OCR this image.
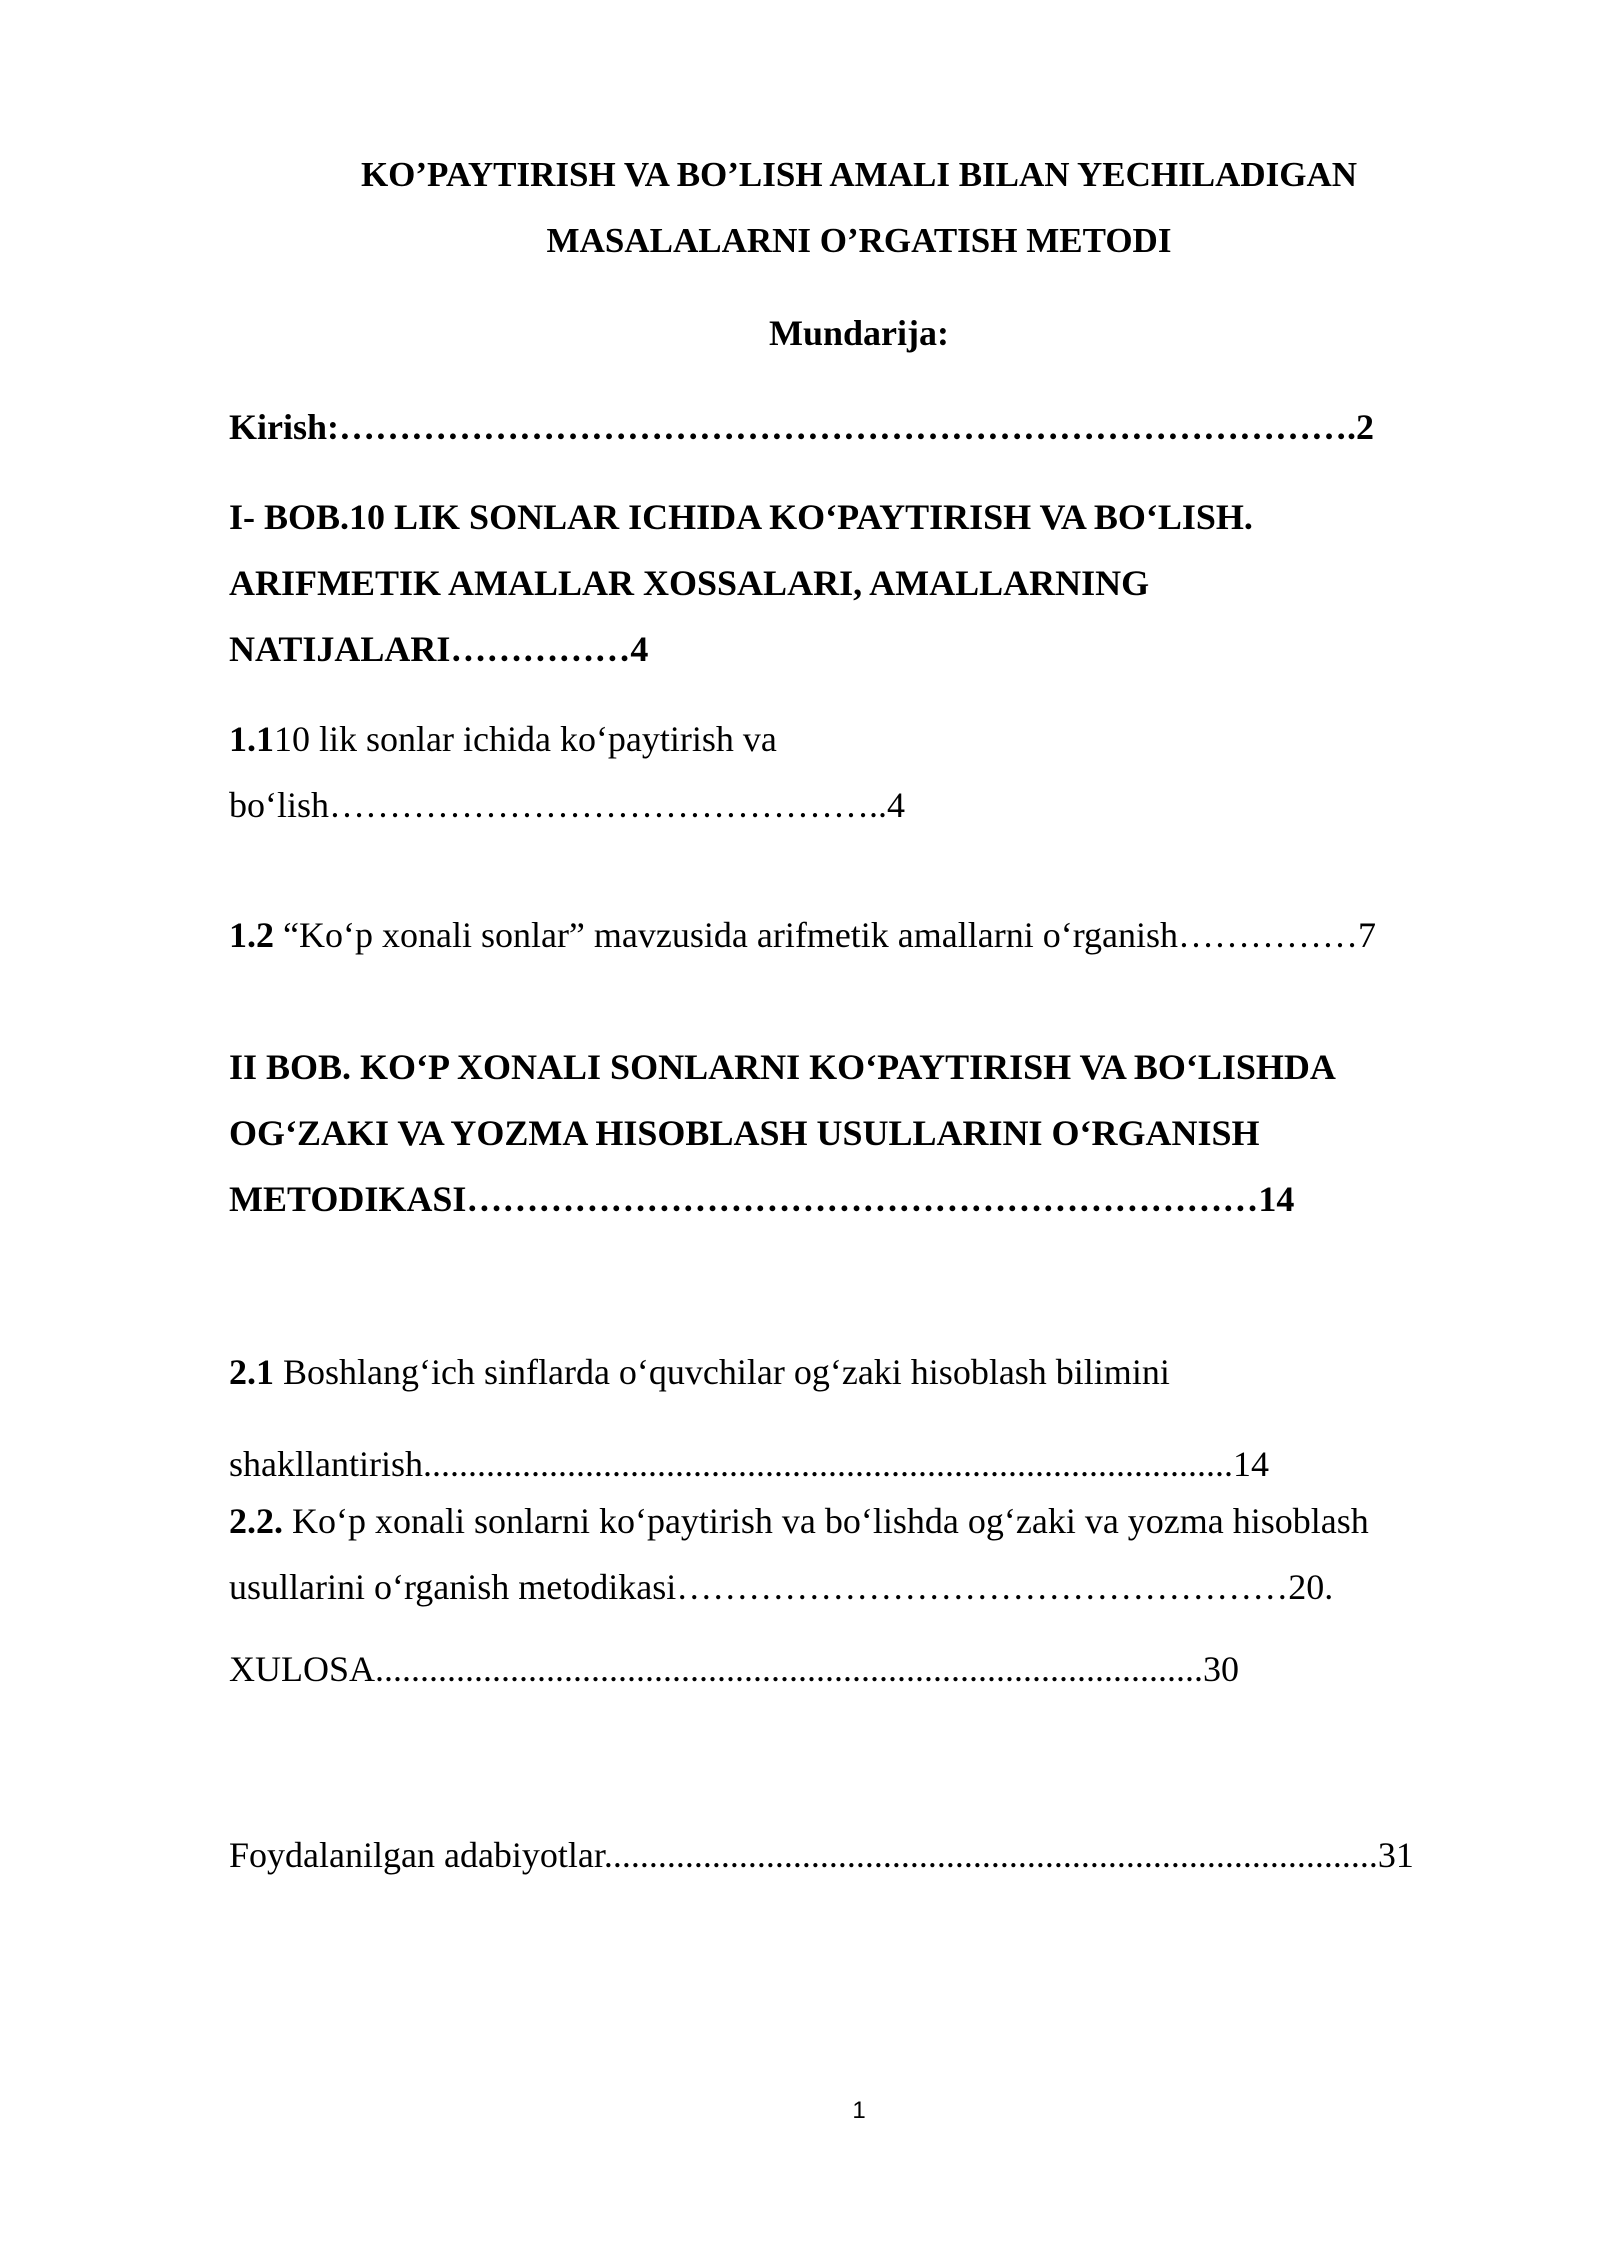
KO’PAYTIRISH VA BO’LISH AMALI BILAN YECHILADIGAN
MASALALARNI O’RGATISH METODI
Mundarija:
Kirish:………………………………………………………………………….2
I- BOB.10 LIK SONLAR ICHIDA KO‘PAYTIRISH VA BO‘LISH.
ARIFMETIK AMALLAR XOSSALARI, AMALLARNING
NATIJALARI……………4
1.110 lik sonlar ichida ko‘paytirish va
bo‘lish………………………………………..4
1.2 “Ko‘p xonali sonlar” mavzusida arifmetik amallarni o‘rganish……………7
II BOB. KO‘P XONALI SONLARNI KO‘PAYTIRISH VA BO‘LISHDA
OG‘ZAKI VA YOZMA HISOBLASH USULLARINI O‘RGANISH
METODIKASI…………………………………………………………14
2.1 Boshlang‘ich sinflarda o‘quvchilar og‘zaki hisoblash bilimini
shakllantirish..........................................................................................14
2.2. Ko‘p xonali sonlarni ko‘paytirish va bo‘lishda og‘zaki va yozma hisoblash
usullarini o‘rganish metodikasi……………………………………………20.
XULOSA............................................................................................30
Foydalanilgan adabiyotlar......................................................................................31
1
